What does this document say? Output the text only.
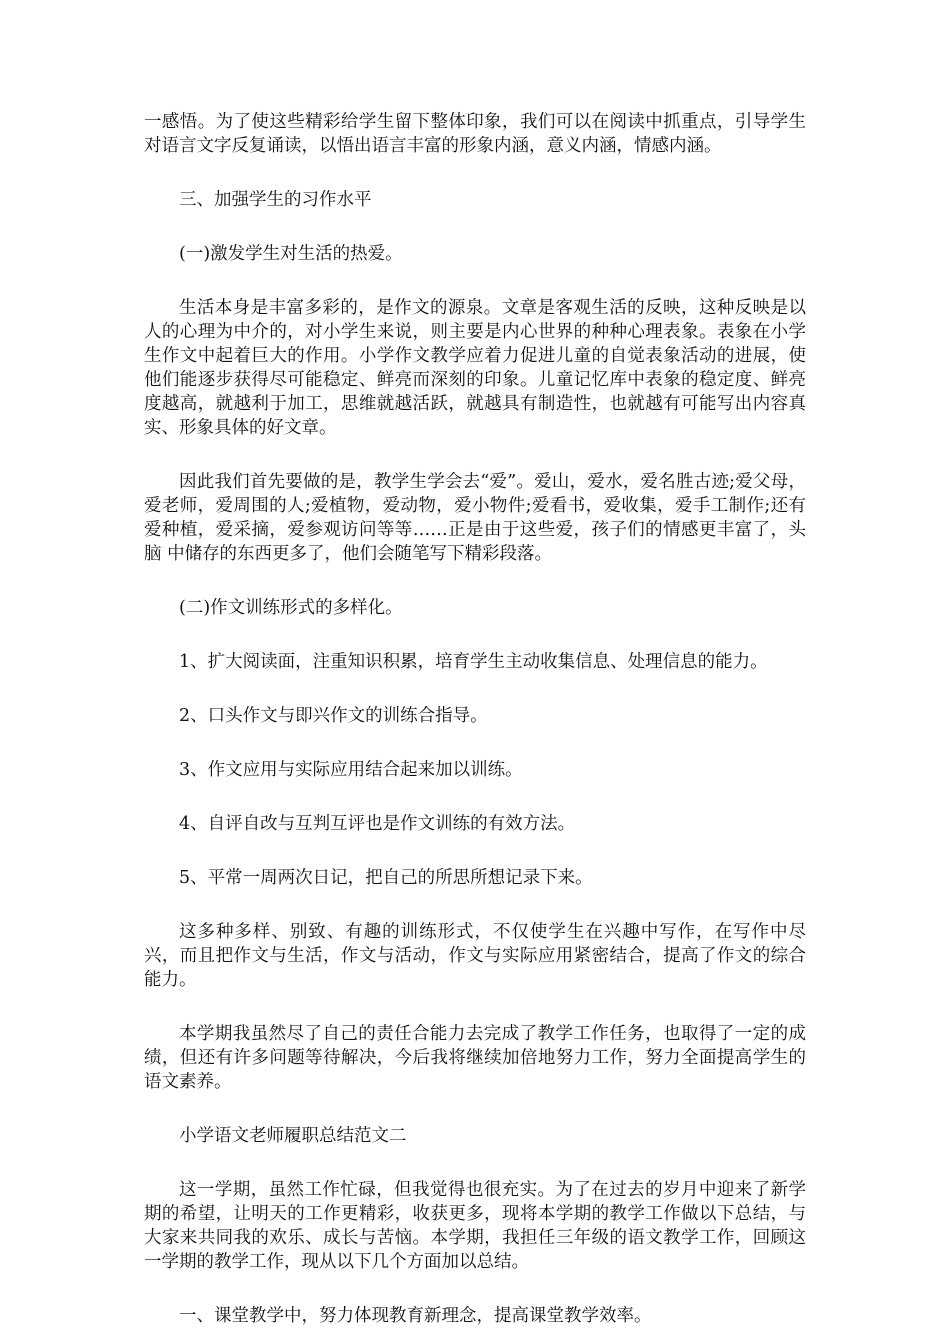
一感悟。为了使这些精彩给学生留下整体印象，我们可以在阅读中抓重点，引导学生对语言文字反复诵读，以悟出语言丰富的形象内涵，意义内涵，情感内涵。

三、加强学生的习作水平

(一)激发学生对生活的热爱。

生活本身是丰富多彩的，是作文的源泉。文章是客观生活的反映，这种反映是以人的心理为中介的，对小学生来说，则主要是内心世界的种种心理表象。表象在小学生作文中起着巨大的作用。小学作文教学应着力促进儿童的自觉表象活动的进展，使他们能逐步获得尽可能稳定、鲜亮而深刻的印象。儿童记忆库中表象的稳定度、鲜亮度越高，就越利于加工，思维就越活跃，就越具有制造性，也就越有可能写出内容真实、形象具体的好文章。

因此我们首先要做的是，教学生学会去“爱”。爱山，爱水，爱名胜古迹;爱父母，爱老师，爱周围的人;爱植物，爱动物，爱小物件;爱看书，爱收集，爱手工制作;还有爱种植，爱采摘，爱参观访问等等……正是由于这些爱，孩子们的情感更丰富了，头脑 中储存的东西更多了，他们会随笔写下精彩段落。

(二)作文训练形式的多样化。

1、扩大阅读面，注重知识积累，培育学生主动收集信息、处理信息的能力。

2、口头作文与即兴作文的训练合指导。

3、作文应用与实际应用结合起来加以训练。

4、自评自改与互判互评也是作文训练的有效方法。

5、平常一周两次日记，把自己的所思所想记录下来。

这多种多样、别致、有趣的训练形式，不仅使学生在兴趣中写作，在写作中尽兴，而且把作文与生活，作文与活动，作文与实际应用紧密结合，提高了作文的综合能力。

本学期我虽然尽了自己的责任合能力去完成了教学工作任务，也取得了一定的成绩，但还有许多问题等待解决，今后我将继续加倍地努力工作，努力全面提高学生的语文素养。

小学语文老师履职总结范文二

这一学期，虽然工作忙碌，但我觉得也很充实。为了在过去的岁月中迎来了新学期的希望，让明天的工作更精彩，收获更多，现将本学期的教学工作做以下总结，与大家来共同我的欢乐、成长与苦恼。本学期，我担任三年级的语文教学工作，回顾这一学期的教学工作，现从以下几个方面加以总结。

一、课堂教学中，努力体现教育新理念，提高课堂教学效率。
